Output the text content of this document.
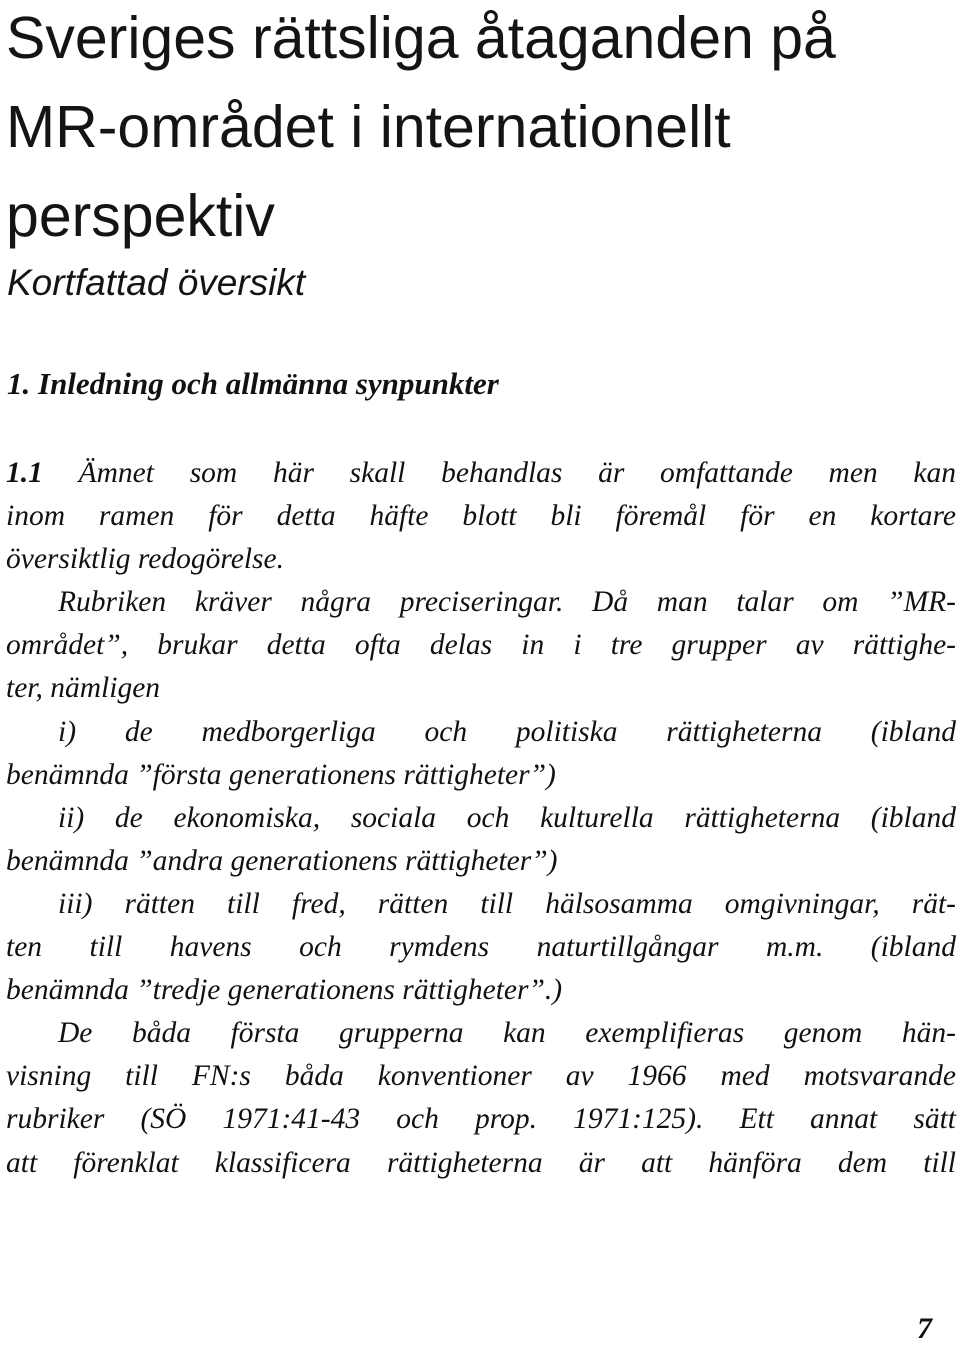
Sveriges rättsliga åtaganden på
MR-området i internationellt
perspektiv
Kortfattad översikt
1. Inledning och allmänna synpunkter
1.1 Ämnet som här skall behandlas är omfattande men kan
inom ramen för detta häfte blott bli föremål för en kortare
översiktlig redogörelse.
Rubriken kräver några preciseringar. Då man talar om ”MR-
området”, brukar detta ofta delas in i tre grupper av rättighe-
ter, nämligen
i) de medborgerliga och politiska rättigheterna (ibland
benämnda ”första generationens rättigheter”)
ii) de ekonomiska, sociala och kulturella rättigheterna (ibland
benämnda ”andra generationens rättigheter”)
iii) rätten till fred, rätten till hälsosamma omgivningar, rät-
ten till havens och rymdens naturtillgångar m.m. (ibland
benämnda ”tredje generationens rättigheter”.)
De båda första grupperna kan exemplifieras genom hän-
visning till FN:s båda konventioner av 1966 med motsvarande
rubriker (SÖ 1971:41-43 och prop. 1971:125). Ett annat sätt
att förenklat klassificera rättigheterna är att hänföra dem till
7
